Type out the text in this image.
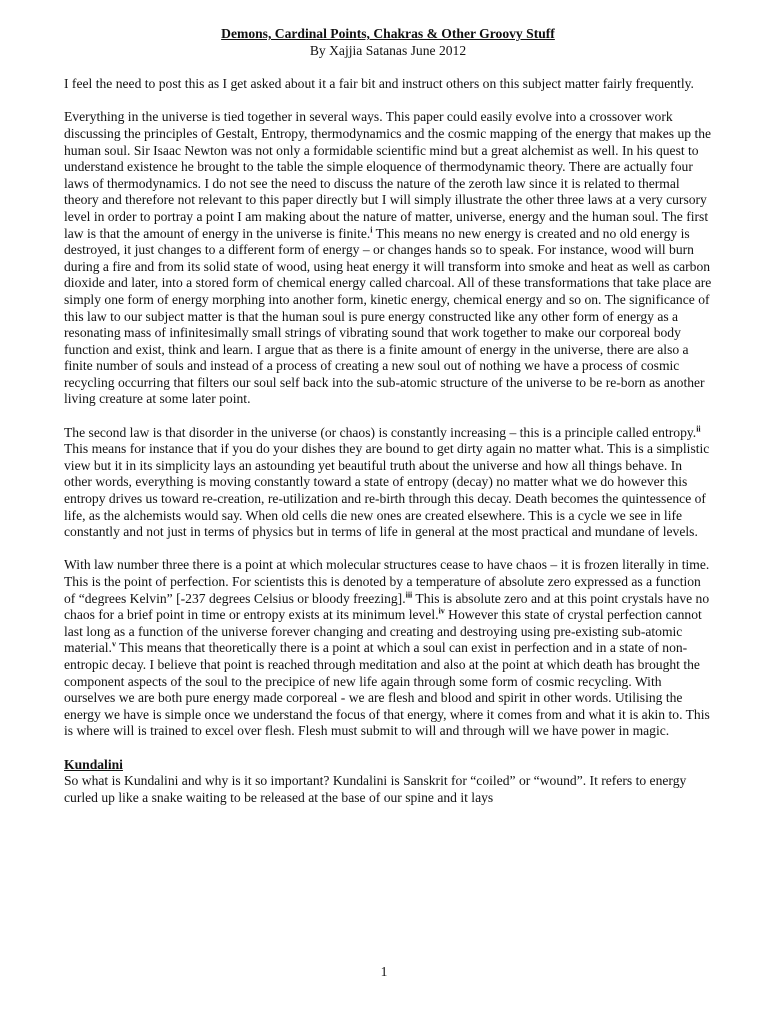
Demons, Cardinal Points, Chakras & Other Groovy Stuff
By Xajjia Satanas June 2012

I feel the need to post this as I get asked about it a fair bit and instruct others on this subject matter fairly frequently.

Everything in the universe is tied together in several ways. This paper could easily evolve into a crossover work discussing the principles of Gestalt, Entropy, thermodynamics and the cosmic mapping of the energy that makes up the human soul. Sir Isaac Newton was not only a formidable scientific mind but a great alchemist as well. In his quest to understand existence he brought to the table the simple eloquence of thermodynamic theory. There are actually four laws of thermodynamics. I do not see the need to discuss the nature of the zeroth law since it is related to thermal theory and therefore not relevant to this paper directly but I will simply illustrate the other three laws at a very cursory level in order to portray a point I am making about the nature of matter, universe, energy and the human soul. The first law is that the amount of energy in the universe is finite.$^i$ This means no new energy is created and no old energy is destroyed, it just changes to a different form of energy – or changes hands so to speak. For instance, wood will burn during a fire and from its solid state of wood, using heat energy it will transform into smoke and heat as well as carbon dioxide and later, into a stored form of chemical energy called charcoal. All of these transformations that take place are simply one form of energy morphing into another form, kinetic energy, chemical energy and so on. The significance of this law to our subject matter is that the human soul is pure energy constructed like any other form of energy as a resonating mass of infinitesimally small strings of vibrating sound that work together to make our corporeal body function and exist, think and learn. I argue that as there is a finite amount of energy in the universe, there are also a finite number of souls and instead of a process of creating a new soul out of nothing we have a process of cosmic recycling occurring that filters our soul self back into the sub-atomic structure of the universe to be re-born as another living creature at some later point.

The second law is that disorder in the universe (or chaos) is constantly increasing – this is a principle called entropy.$^{ii}$ This means for instance that if you do your dishes they are bound to get dirty again no matter what. This is a simplistic view but it in its simplicity lays an astounding yet beautiful truth about the universe and how all things behave. In other words, everything is moving constantly toward a state of entropy (decay) no matter what we do however this entropy drives us toward re-creation, re-utilization and re-birth through this decay. Death becomes the quintessence of life, as the alchemists would say. When old cells die new ones are created elsewhere. This is a cycle we see in life constantly and not just in terms of physics but in terms of life in general at the most practical and mundane of levels.

With law number three there is a point at which molecular structures cease to have chaos – it is frozen literally in time. This is the point of perfection. For scientists this is denoted by a temperature of absolute zero expressed as a function of “degrees Kelvin” [-237 degrees Celsius or bloody freezing].$^{iii}$ This is absolute zero and at this point crystals have no chaos for a brief point in time or entropy exists at its minimum level.$^{iv}$ However this state of crystal perfection cannot last long as a function of the universe forever changing and creating and destroying using pre-existing sub-atomic material.$^v$ This means that theoretically there is a point at which a soul can exist in perfection and in a state of non-entropic decay. I believe that point is reached through meditation and also at the point at which death has brought the component aspects of the soul to the precipice of new life again through some form of cosmic recycling. With ourselves we are both pure energy made corporeal - we are flesh and blood and spirit in other words. Utilising the energy we have is simple once we understand the focus of that energy, where it comes from and what it is akin to. This is where will is trained to excel over flesh. Flesh must submit to will and through will we have power in magic.

Kundalini

So what is Kundalini and why is it so important? Kundalini is Sanskrit for “coiled” or “wound”. It refers to energy curled up like a snake waiting to be released at the base of our spine and it lays

1
